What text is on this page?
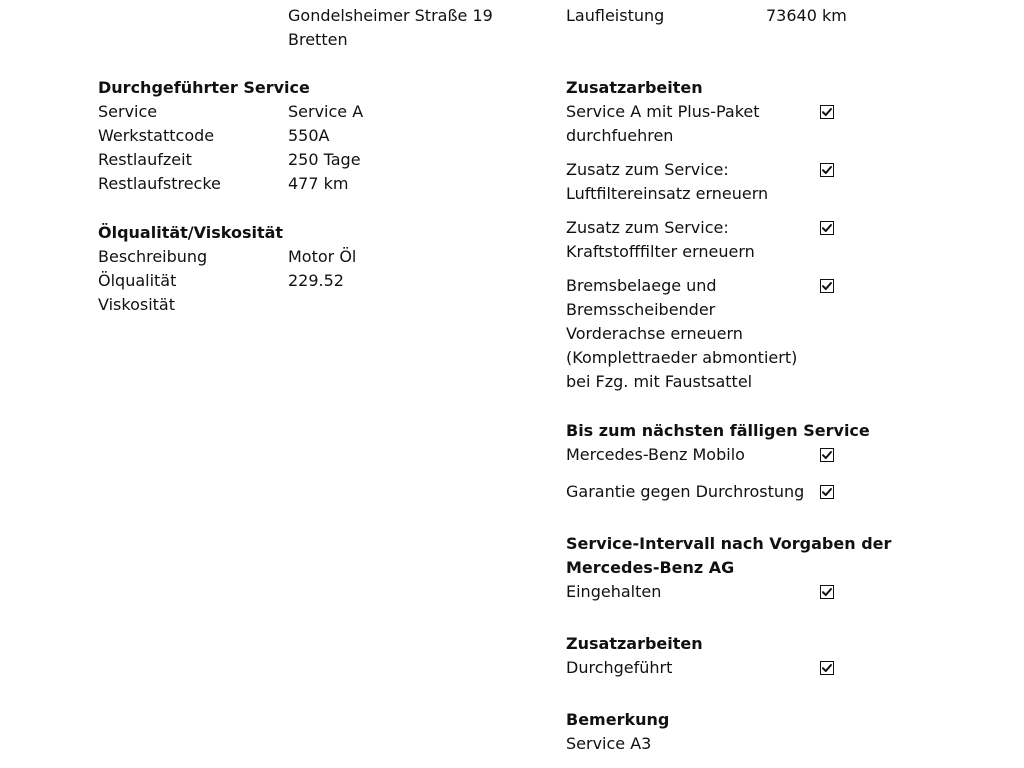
Gondelsheimer Straße 19
Bretten
Laufleistung	73640 km
Durchgeführter Service
Service	Service A
Werkstattcode	550A
Restlaufzeit	250 Tage
Restlaufstrecke	477 km
Ölqualität/Viskosität
Beschreibung	Motor Öl
Ölqualität	229.52
Viskosität
Zusatzarbeiten
Service A mit Plus-Paket
durchfuehren
Zusatz zum Service:
Luftfiltereinsatz erneuern
Zusatz zum Service:
Kraftstofffilter erneuern
Bremsbelaege und
Bremsscheibender
Vorderachse erneuern
(Komplettraeder abmontiert)
bei Fzg. mit Faustsattel
Bis zum nächsten fälligen Service
Mercedes-Benz Mobilo
Garantie gegen Durchrostung
Service-Intervall nach Vorgaben der
Mercedes-Benz AG
Eingehalten
Zusatzarbeiten
Durchgeführt
Bemerkung
Service A3
